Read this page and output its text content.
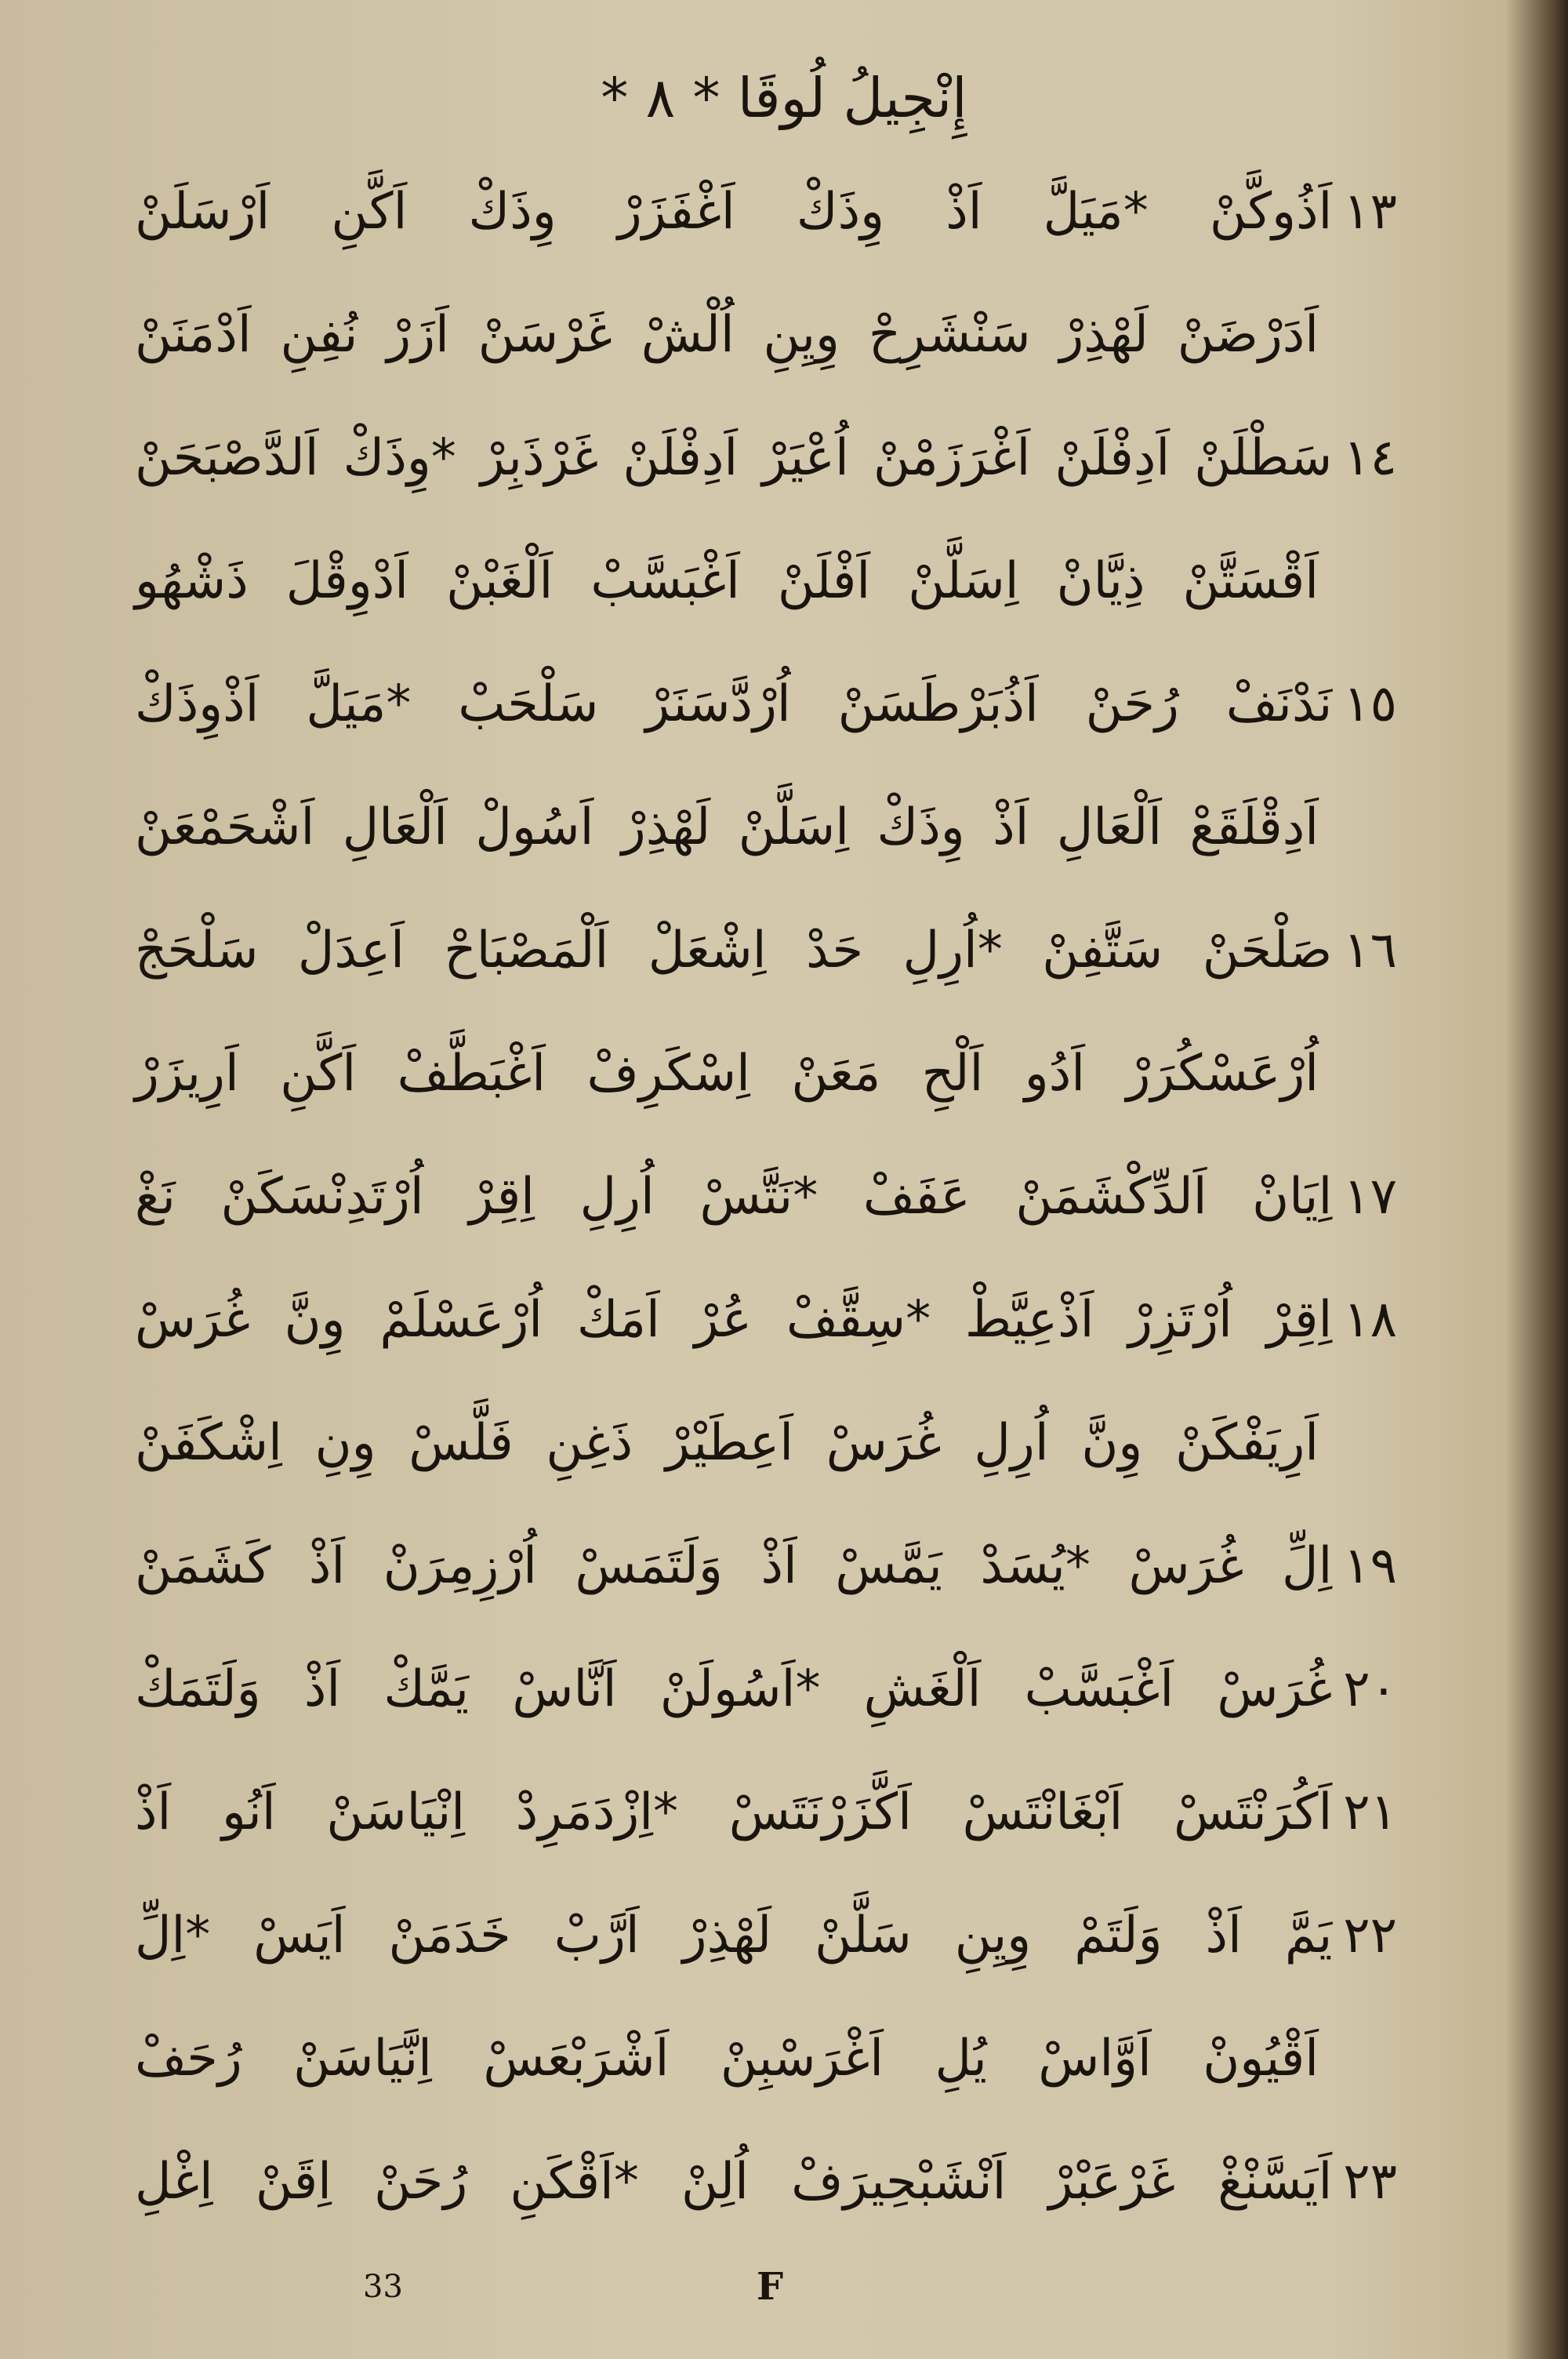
إِنْجِيلُ لُوقَا * ٨ *
١٣اَذُوكَّنْ *مَيَلَّ اَذْ وِذَكْ اَغْفَزَرْ وِذَكْ اَكَّنِ اَرْسَلَنْ
اَدَرْضَنْ لَهْذِرْ سَنْشَرِحْ وِيِنِ اُلْشْ غَرْسَنْ اَزَرْ نُفِنِ اَدْمَنَنْ
١٤سَطْلَنْ اَدِفْلَنْ اَغْرَزَمْنْ اُعْيَرْ اَدِفْلَنْ غَرْذَبِرْ *وِذَكْ اَلدَّصْبَحَنْ
اَقْسَتَّنْ ذِيَّانْ اِسَلَّنْ اَفْلَنْ اَغْبَسَّبْ اَلْغَبْنْ اَدْوِقْلَ ذَشْهُو
١٥نَدْنَفْ رُحَنْ اَذُبَرْطَسَنْ اُرْدَّسَنَرْ سَلْحَبْ *مَيَلَّ اَذْوِذَكْ
اَدِقْلَقَعْ اَلْعَالِ اَذْ وِذَكْ اِسَلَّنْ لَهْذِرْ اَسُولْ اَلْعَالِ اَشْحَمْعَنْ
١٦صَلْحَنْ سَتَّفِنْ *اُرِلِ حَدْ اِشْعَلْ اَلْمَصْبَاحْ اَعِدَلْ سَلْحَجْ
اُرْعَسْكُرَرْ اَدُو اَلْحِ مَعَنْ اِسْكَرِفْ اَغْبَطَّفْ اَكَّنِ اَرِيزَرْ
١٧اِيَانْ اَلدِّكْشَمَنْ عَفَفْ *نَتَّسْ اُرِلِ اِقِرْ اُرْتَدِنْسَكَنْ نَغْ
١٨اِقِرْ اُرْتَزِرْ اَذْعِيَّطْ *سِقَّفْ عُرْ اَمَكْ اُرْعَسْلَمْ وِنَّ غُرَسْ
اَرِيَفْكَنْ وِنَّ اُرِلِ غُرَسْ اَعِطَيْرْ ذَغِنِ فَلَّسْ وِنِ اِشْكَفَنْ
١٩اِلِّ غُرَسْ *يُسَدْ يَمَّسْ اَذْ وَلَتَمَسْ اُرْزِمِرَنْ اَذْ كَشَمَنْ
٢٠غُرَسْ اَغْبَسَّبْ اَلْغَشِ *اَسُولَنْ اَنَّاسْ يَمَّكْ اَذْ وَلَتَمَكْ
٢١اَكُرَنْتَسْ اَبْغَانْتَسْ اَكَّزَرْنَتَسْ *اِزْدَمَرِدْ اِنْيَاسَنْ اَنُو اَذْ
٢٢يَمَّ اَذْ وَلَتَمْ وِيِنِ سَلَّنْ لَهْذِرْ اَرَّبْ خَدَمَنْ اَيَسْ *اِلِّ
اَقْيُونْ اَوَّاسْ يُلِ اَغْرَسْبِنْ اَشْرَبْعَسْ اِنَّيَاسَنْ رُحَفْ
٢٣اَيَسَّنْغْ غَرْعَبْرْ اَنْشَبْحِيرَفْ اُلِنْ *اَقْكَنِ رُحَنْ اِقَنْ اِغْلِ
33	F
